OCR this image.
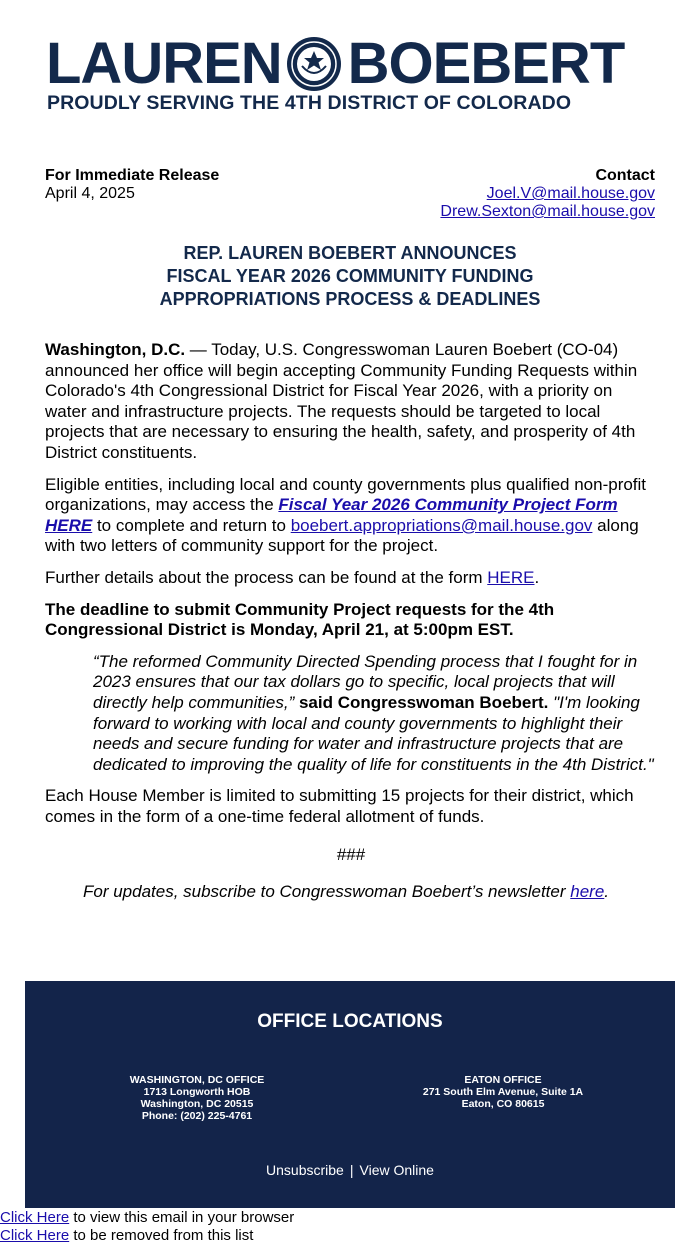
LAUREN BOEBERT
PROUDLY SERVING THE 4TH DISTRICT OF COLORADO
For Immediate Release
April 4, 2025
Contact
Joel.V@mail.house.gov
Drew.Sexton@mail.house.gov
REP. LAUREN BOEBERT ANNOUNCES
FISCAL YEAR 2026 COMMUNITY FUNDING
APPROPRIATIONS PROCESS & DEADLINES

Washington, D.C. — Today, U.S. Congresswoman Lauren Boebert (CO-04) announced her office will begin accepting Community Funding Requests within Colorado's 4th Congressional District for Fiscal Year 2026, with a priority on water and infrastructure projects. The requests should be targeted to local projects that are necessary to ensuring the health, safety, and prosperity of 4th District constituents.

Eligible entities, including local and county governments plus qualified non-profit organizations, may access the Fiscal Year 2026 Community Project Form HERE to complete and return to boebert.appropriations@mail.house.gov along with two letters of community support for the project.

Further details about the process can be found at the form HERE.

The deadline to submit Community Project requests for the 4th Congressional District is Monday, April 21, at 5:00pm EST.

“The reformed Community Directed Spending process that I fought for in 2023 ensures that our tax dollars go to specific, local projects that will directly help communities,” said Congresswoman Boebert. "I'm looking forward to working with local and county governments to highlight their needs and secure funding for water and infrastructure projects that are dedicated to improving the quality of life for constituents in the 4th District."

Each House Member is limited to submitting 15 projects for their district, which comes in the form of a one-time federal allotment of funds.

###

For updates, subscribe to Congresswoman Boebert’s newsletter here.

OFFICE LOCATIONS
WASHINGTON, DC OFFICE
1713 Longworth HOB
Washington, DC 20515
Phone: (202) 225-4761
EATON OFFICE
271 South Elm Avenue, Suite 1A
Eaton, CO 80615
Unsubscribe | View Online
Click Here to view this email in your browser
Click Here to be removed from this list
